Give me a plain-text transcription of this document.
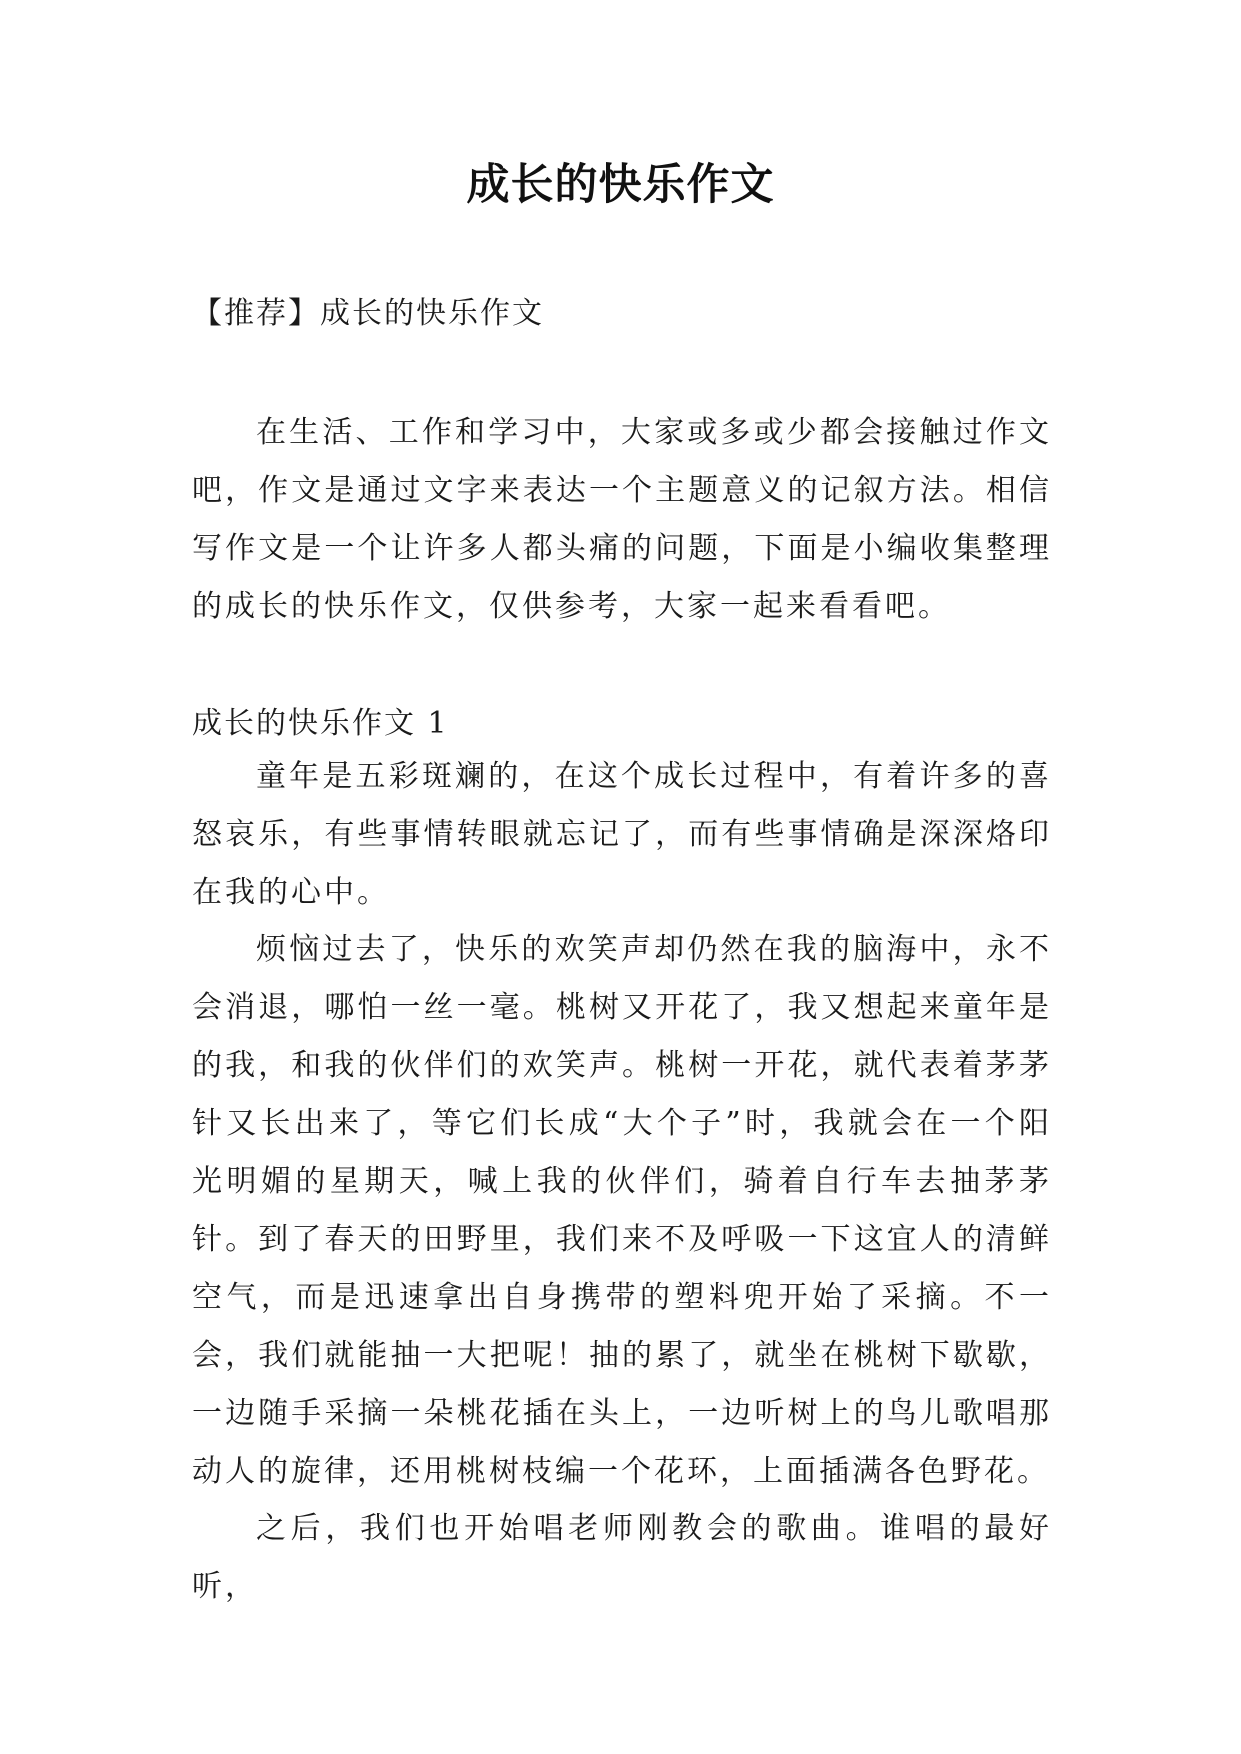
成长的快乐作文
【推荐】成长的快乐作文
在生活、工作和学习中，大家或多或少都会接触过作文吧，作文是通过文字来表达一个主题意义的记叙方法。相信写作文是一个让许多人都头痛的问题，下面是小编收集整理的成长的快乐作文，仅供参考，大家一起来看看吧。
成长的快乐作文 1
童年是五彩斑斓的，在这个成长过程中，有着许多的喜怒哀乐，有些事情转眼就忘记了，而有些事情确是深深烙印在我的心中。
烦恼过去了，快乐的欢笑声却仍然在我的脑海中，永不会消退，哪怕一丝一毫。桃树又开花了，我又想起来童年是的我，和我的伙伴们的欢笑声。桃树一开花，就代表着茅茅针又长出来了，等它们长成“大个子”时，我就会在一个阳光明媚的星期天，喊上我的伙伴们，骑着自行车去抽茅茅针。到了春天的田野里，我们来不及呼吸一下这宜人的清鲜空气，而是迅速拿出自身携带的塑料兜开始了采摘。不一会，我们就能抽一大把呢！抽的累了，就坐在桃树下歇歇，一边随手采摘一朵桃花插在头上，一边听树上的鸟儿歌唱那动人的旋律，还用桃树枝编一个花环，上面插满各色野花。
之后，我们也开始唱老师刚教会的歌曲。谁唱的最好听，
